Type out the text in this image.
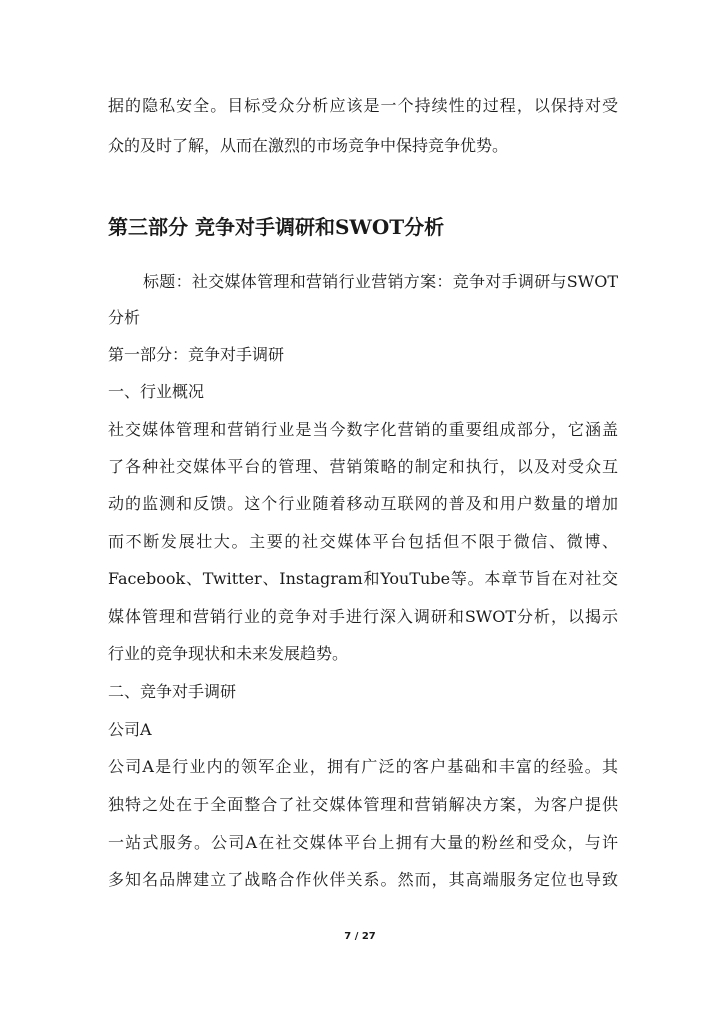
据的隐私安全。目标受众分析应该是一个持续性的过程，以保持对受
众的及时了解，从而在激烈的市场竞争中保持竞争优势。
第三部分 竞争对手调研和SWOT分析
标题：社交媒体管理和营销行业营销方案：竞争对手调研与SWOT
分析
第一部分：竞争对手调研
一、行业概况
社交媒体管理和营销行业是当今数字化营销的重要组成部分，它涵盖
了各种社交媒体平台的管理、营销策略的制定和执行，以及对受众互
动的监测和反馈。这个行业随着移动互联网的普及和用户数量的增加
而不断发展壮大。主要的社交媒体平台包括但不限于微信、微博、
Facebook、Twitter、Instagram和YouTube等。本章节旨在对社交
媒体管理和营销行业的竞争对手进行深入调研和SWOT分析，以揭示
行业的竞争现状和未来发展趋势。
二、竞争对手调研
公司A
公司A是行业内的领军企业，拥有广泛的客户基础和丰富的经验。其
独特之处在于全面整合了社交媒体管理和营销解决方案，为客户提供
一站式服务。公司A在社交媒体平台上拥有大量的粉丝和受众，与许
多知名品牌建立了战略合作伙伴关系。然而，其高端服务定位也导致
7 / 27
